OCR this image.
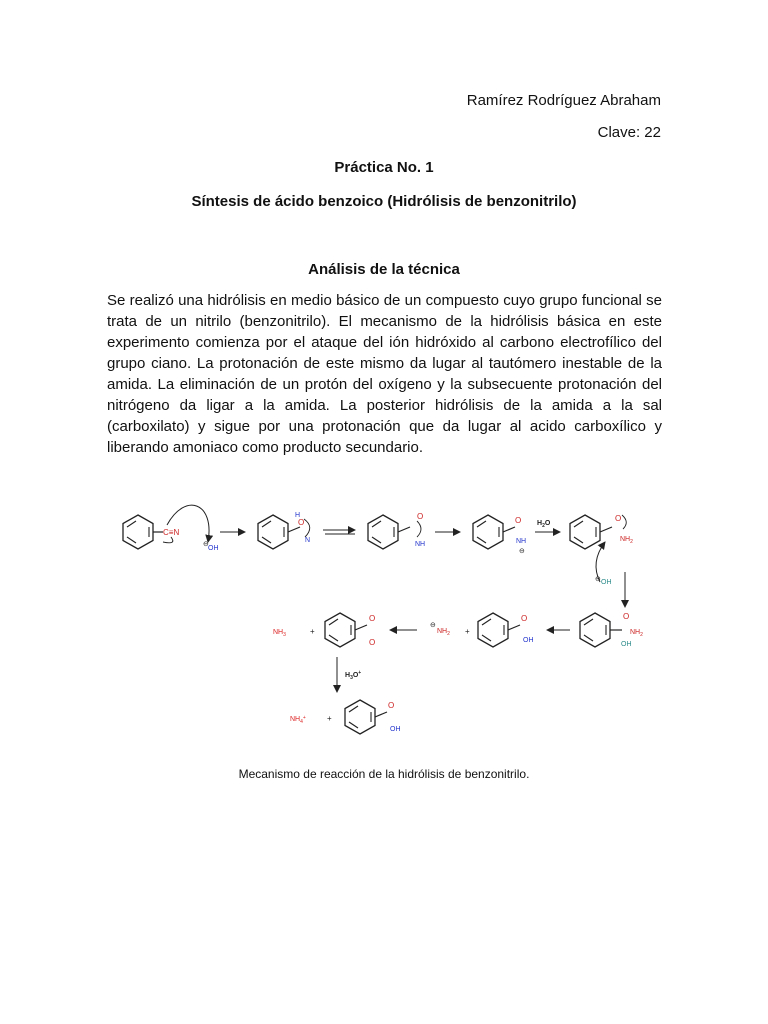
Ramírez Rodríguez Abraham
Clave: 22
Práctica No. 1
Síntesis de ácido benzoico (Hidrólisis de benzonitrilo)
Análisis de la técnica
Se realizó una hidrólisis en medio básico de un compuesto cuyo grupo funcional se trata de un nitrilo (benzonitrilo). El mecanismo de la hidrólisis básica en este experimento comienza por el ataque del ión hidróxido al carbono electrofílico del grupo ciano. La protonación de este mismo da lugar al tautómero inestable de la amida. La eliminación de un protón del oxígeno y la subsecuente protonación del nitrógeno da ligar a la amida. La posterior hidrólisis de la amida a la sal (carboxilato) y sigue por una protonación que da lugar al acido carboxílico y liberando amoniaco como producto secundario.
C≡N
⊖
OH
O
H
N
O
NH
O
NH
⊖
$H_2O$
O
$NH_2$
⊖ OH
O
$NH_2$
OH
O
OH
+
⊖
$NH_2$
O
O
+
$NH_3$
$H_3O^+$
O
OH
+
$NH_4^+$
Mecanismo de reacción de la hidrólisis de benzonitrilo.
